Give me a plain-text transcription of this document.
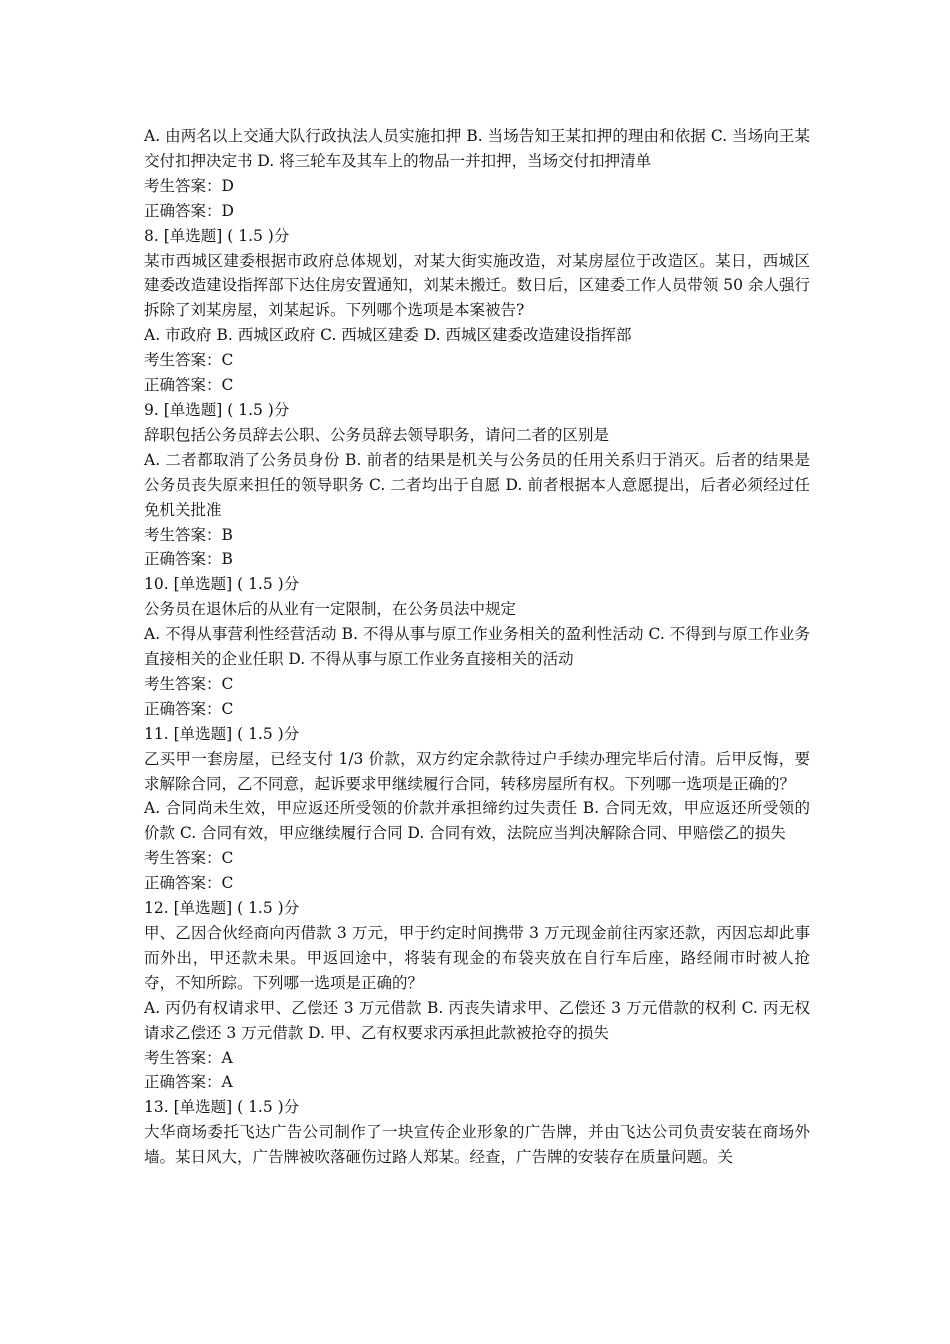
A. 由两名以上交通大队行政执法人员实施扣押 B. 当场告知王某扣押的理由和依据 C. 当场向王某交付扣押决定书 D. 将三轮车及其车上的物品一并扣押，当场交付扣押清单

考生答案：D

正确答案：D

8. [单选题] ( 1.5 )分

某市西城区建委根据市政府总体规划，对某大街实施改造，对某房屋位于改造区。某日，西城区建委改造建设指挥部下达住房安置通知，刘某未搬迁。数日后，区建委工作人员带领 50 余人强行拆除了刘某房屋，刘某起诉。下列哪个选项是本案被告?

A. 市政府 B. 西城区政府 C. 西城区建委 D. 西城区建委改造建设指挥部

考生答案：C

正确答案：C

9. [单选题] ( 1.5 )分

辞职包括公务员辞去公职、公务员辞去领导职务，请问二者的区别是

A. 二者都取消了公务员身份 B. 前者的结果是机关与公务员的任用关系归于消灭。后者的结果是公务员丧失原来担任的领导职务 C. 二者均出于自愿 D. 前者根据本人意愿提出，后者必须经过任免机关批准

考生答案：B

正确答案：B

10. [单选题] ( 1.5 )分

公务员在退休后的从业有一定限制，在公务员法中规定

A. 不得从事营利性经营活动 B. 不得从事与原工作业务相关的盈利性活动 C. 不得到与原工作业务直接相关的企业任职 D. 不得从事与原工作业务直接相关的活动

考生答案：C

正确答案：C

11. [单选题] ( 1.5 )分

乙买甲一套房屋，已经支付 1/3 价款，双方约定余款待过户手续办理完毕后付清。后甲反悔，要求解除合同，乙不同意，起诉要求甲继续履行合同，转移房屋所有权。下列哪一选项是正确的？

A. 合同尚未生效，甲应返还所受领的价款并承担缔约过失责任 B. 合同无效，甲应返还所受领的价款 C. 合同有效，甲应继续履行合同 D. 合同有效，法院应当判决解除合同、甲赔偿乙的损失

考生答案：C

正确答案：C

12. [单选题] ( 1.5 )分

甲、乙因合伙经商向丙借款 3 万元，甲于约定时间携带 3 万元现金前往丙家还款，丙因忘却此事而外出，甲还款未果。甲返回途中，将装有现金的布袋夹放在自行车后座，路经闹市时被人抢夺，不知所踪。下列哪一选项是正确的？

A. 丙仍有权请求甲、乙偿还 3 万元借款 B. 丙丧失请求甲、乙偿还 3 万元借款的权利 C. 丙无权请求乙偿还 3 万元借款 D. 甲、乙有权要求丙承担此款被抢夺的损失

考生答案：A

正确答案：A

13. [单选题] ( 1.5 )分

大华商场委托飞达广告公司制作了一块宣传企业形象的广告牌，并由飞达公司负责安装在商场外墙。某日风大，广告牌被吹落砸伤过路人郑某。经查，广告牌的安装存在质量问题。关
